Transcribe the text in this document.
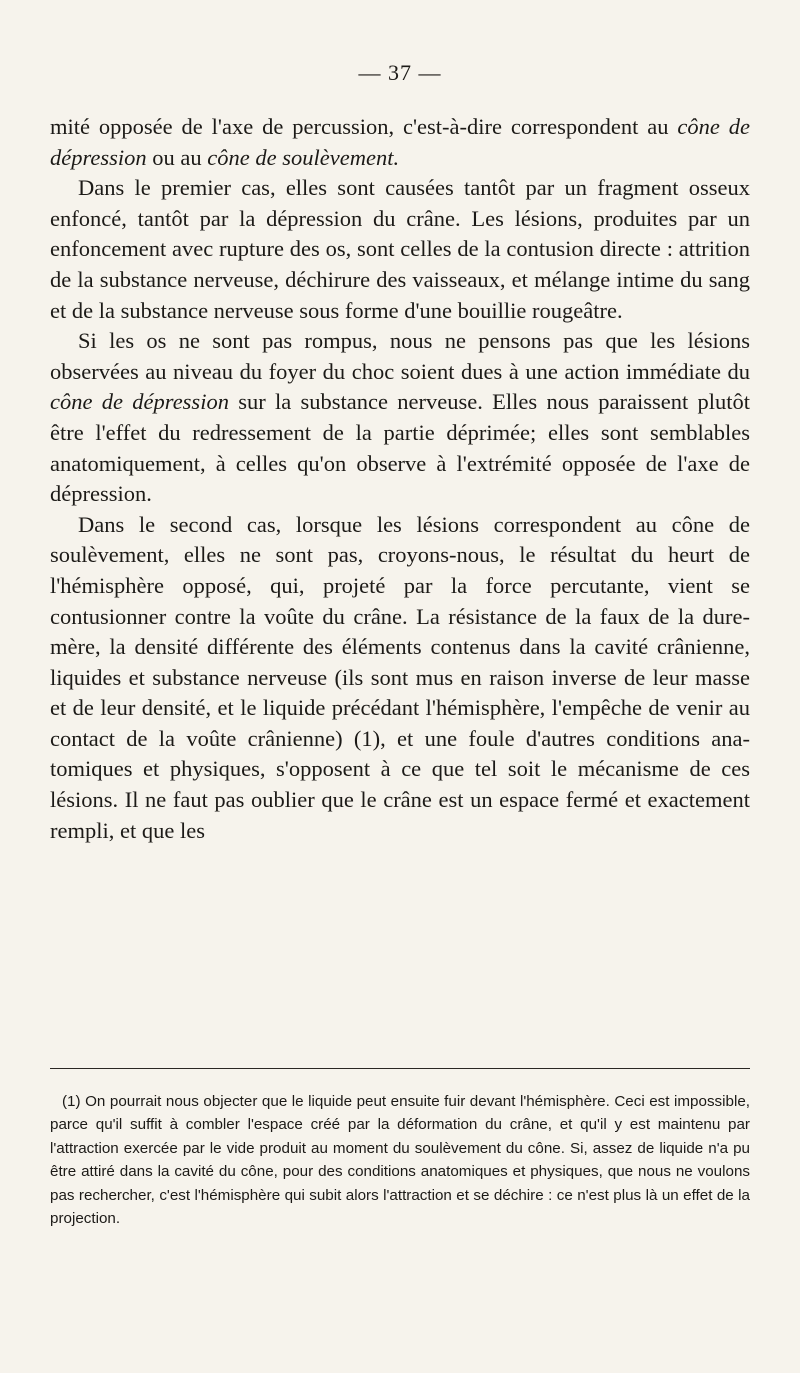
— 37 —

mité opposée de l'axe de percussion, c'est-à-dire correspondent au cône de dépression ou au cône de soulèvement.

Dans le premier cas, elles sont causées tantôt par un fragment osseux enfoncé, tantôt par la dépression du crâne. Les lésions, produites par un enfoncement avec rupture des os, sont celles de la contusion directe : attrition de la substance nerveuse, déchirure des vaisseaux, et mélange intime du sang et de la substance nerveuse sous forme d'une bouillie rougeâtre.

Si les os ne sont pas rompus, nous ne pensons pas que les lésions observées au niveau du foyer du choc soient dues à une action immédiate du cône de dépression sur la substance nerveuse. Elles nous paraissent plutôt être l'effet du redressement de la partie déprimée; elles sont semblables anatomiquement, à celles qu'on observe à l'extrémité opposée de l'axe de dépression.

Dans le second cas, lorsque les lésions correspondent au cône de soulèvement, elles ne sont pas, croyons-nous, le résultat du heurt de l'hémisphère opposé, qui, projeté par la force percutante, vient se contusionner contre la voûte du crâne. La résistance de la faux de la dure-mère, la densité différente des éléments contenus dans la cavité crânienne, liquides et substance nerveuse (ils sont mus en raison inverse de leur masse et de leur densité, et le liquide précédant l'hémisphère, l'empêche de venir au contact de la voûte crânienne) (1), et une foule d'autres conditions anatomiques et physiques, s'opposent à ce que tel soit le mécanisme de ces lésions. Il ne faut pas oublier que le crâne est un espace fermé et exactement rempli, et que les

(1) On pourrait nous objecter que le liquide peut ensuite fuir devant l'hémisphère. Ceci est impossible, parce qu'il suffit à combler l'espace créé par la déformation du crâne, et qu'il y est maintenu par l'attraction exercée par le vide produit au moment du soulèvement du cône. Si, assez de liquide n'a pu être attiré dans la cavité du cône, pour des conditions anatomiques et physiques, que nous ne voulons pas rechercher, c'est l'hémisphère qui subit alors l'attraction et se déchire : ce n'est plus là un effet de la projection.
